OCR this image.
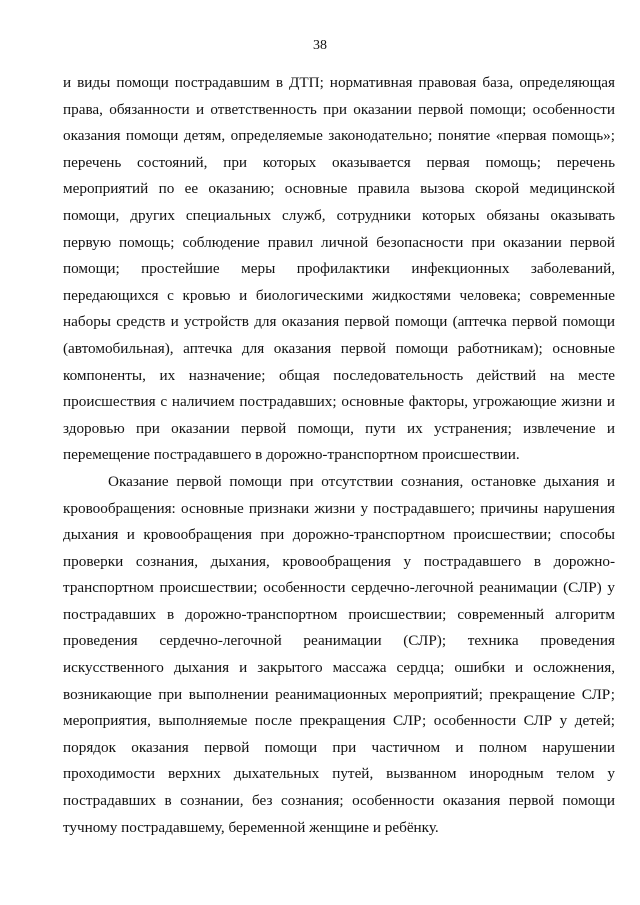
38

и виды помощи пострадавшим в ДТП; нормативная правовая база, определяющая права, обязанности и ответственность при оказании первой помощи; особенности оказания помощи детям, определяемые законодательно; понятие «первая помощь»; перечень состояний, при которых оказывается первая помощь; перечень мероприятий по ее оказанию; основные правила вызова скорой медицинской помощи, других специальных служб, сотрудники которых обязаны оказывать первую помощь; соблюдение правил личной безопасности при оказании первой помощи; простейшие меры профилактики инфекционных заболеваний, передающихся с кровью и биологическими жидкостями человека; современные наборы средств и устройств для оказания первой помощи (аптечка первой помощи (автомобильная), аптечка для оказания первой помощи работникам); основные компоненты, их назначение; общая последовательность действий на месте происшествия с наличием пострадавших; основные факторы, угрожающие жизни и здоровью при оказании первой помощи, пути их устранения; извлечение и перемещение пострадавшего в дорожно-транспортном происшествии.

Оказание первой помощи при отсутствии сознания, остановке дыхания и кровообращения: основные признаки жизни у пострадавшего; причины нарушения дыхания и кровообращения при дорожно-транспортном происшествии; способы проверки сознания, дыхания, кровообращения у пострадавшего в дорожно-транспортном происшествии; особенности сердечно-легочной реанимации (СЛР) у пострадавших в дорожно-транспортном происшествии; современный алгоритм проведения сердечно-легочной реанимации (СЛР); техника проведения искусственного дыхания и закрытого массажа сердца; ошибки и осложнения, возникающие при выполнении реанимационных мероприятий; прекращение СЛР; мероприятия, выполняемые после прекращения СЛР; особенности СЛР у детей; порядок оказания первой помощи при частичном и полном нарушении проходимости верхних дыхательных путей, вызванном инородным телом у пострадавших в сознании, без сознания; особенности оказания первой помощи тучному пострадавшему, беременной женщине и ребёнку.
